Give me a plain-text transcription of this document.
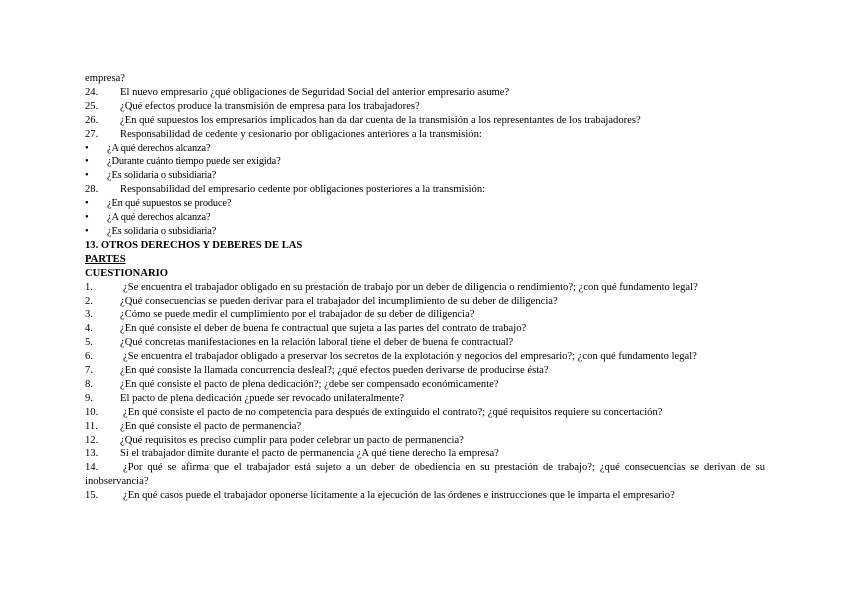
empresa?
24.	El nuevo empresario ¿qué obligaciones de Seguridad Social del anterior empresario asume?
25.	¿Qué efectos produce la transmisión de empresa para los trabajadores?
26.	¿En qué supuestos los empresarios implicados han da dar cuenta de la transmisión a los representantes de los trabajadores?
27.	Responsabilidad de cedente y cesionario por obligaciones anteriores a la transmisión:
•	¿A qué derechos alcanza?
•	¿Durante cuánto tiempo puede ser exigida?
•	¿Es solidaria o subsidiaria?
28.	Responsabilidad del empresario cedente por obligaciones posteriores a la transmisión:
•	¿En qué supuestos se produce?
•	¿A qué derechos alcanza?
•	¿Es solidaria o subsidiaria?
13. OTROS DERECHOS Y DEBERES DE LAS
PARTES
CUESTIONARIO
1.	¿Se encuentra el trabajador obligado en su prestación de trabajo por un deber de diligencia o rendimiento?; ¿con qué fundamento legal?
2.	¿Qué consecuencias se pueden derivar para el trabajador del incumplimiento de su deber de diligencia?
3.	¿Cómo se puede medir el cumplimiento por el trabajador de su deber de diligencia?
4.	¿En qué consiste el deber de buena fe contractual que sujeta a las partes del contrato de trabajo?
5.	¿Qué concretas manifestaciones en la relación laboral tiene el deber de buena fe contractual?
6.	¿Se encuentra el trabajador obligado a preservar los secretos de la explotación y negocios del empresario?; ¿con qué fundamento legal?
7.	¿En qué consiste la llamada concurrencia desleal?; ¿qué efectos pueden derivarse de producirse ésta?
8.	¿En qué consiste el pacto de plena dedicación?; ¿debe ser compensado económicamente?
9.	El pacto de plena dedicación ¿puede ser revocado unilateralmente?
10.	¿En qué consiste el pacto de no competencia para después de extinguido el contrato?; ¿qué requisitos requiere su concertación?
11.	¿En qué consiste el pacto de permanencia?
12.	¿Qué requisitos es preciso cumplir para poder celebrar un pacto de permanencia?
13.	Si el trabajador dimite durante el pacto de permanencia ¿A qué tiene derecho la empresa?
14.	¿Por qué se afirma que el trabajador está sujeto a un deber de obediencia en su prestación de trabajo?; ¿qué consecuencias se derivan de su inobservancia?
15.	¿En qué casos puede el trabajador oponerse lícitamente a la ejecución de las órdenes e instrucciones que le imparta el empresario?
